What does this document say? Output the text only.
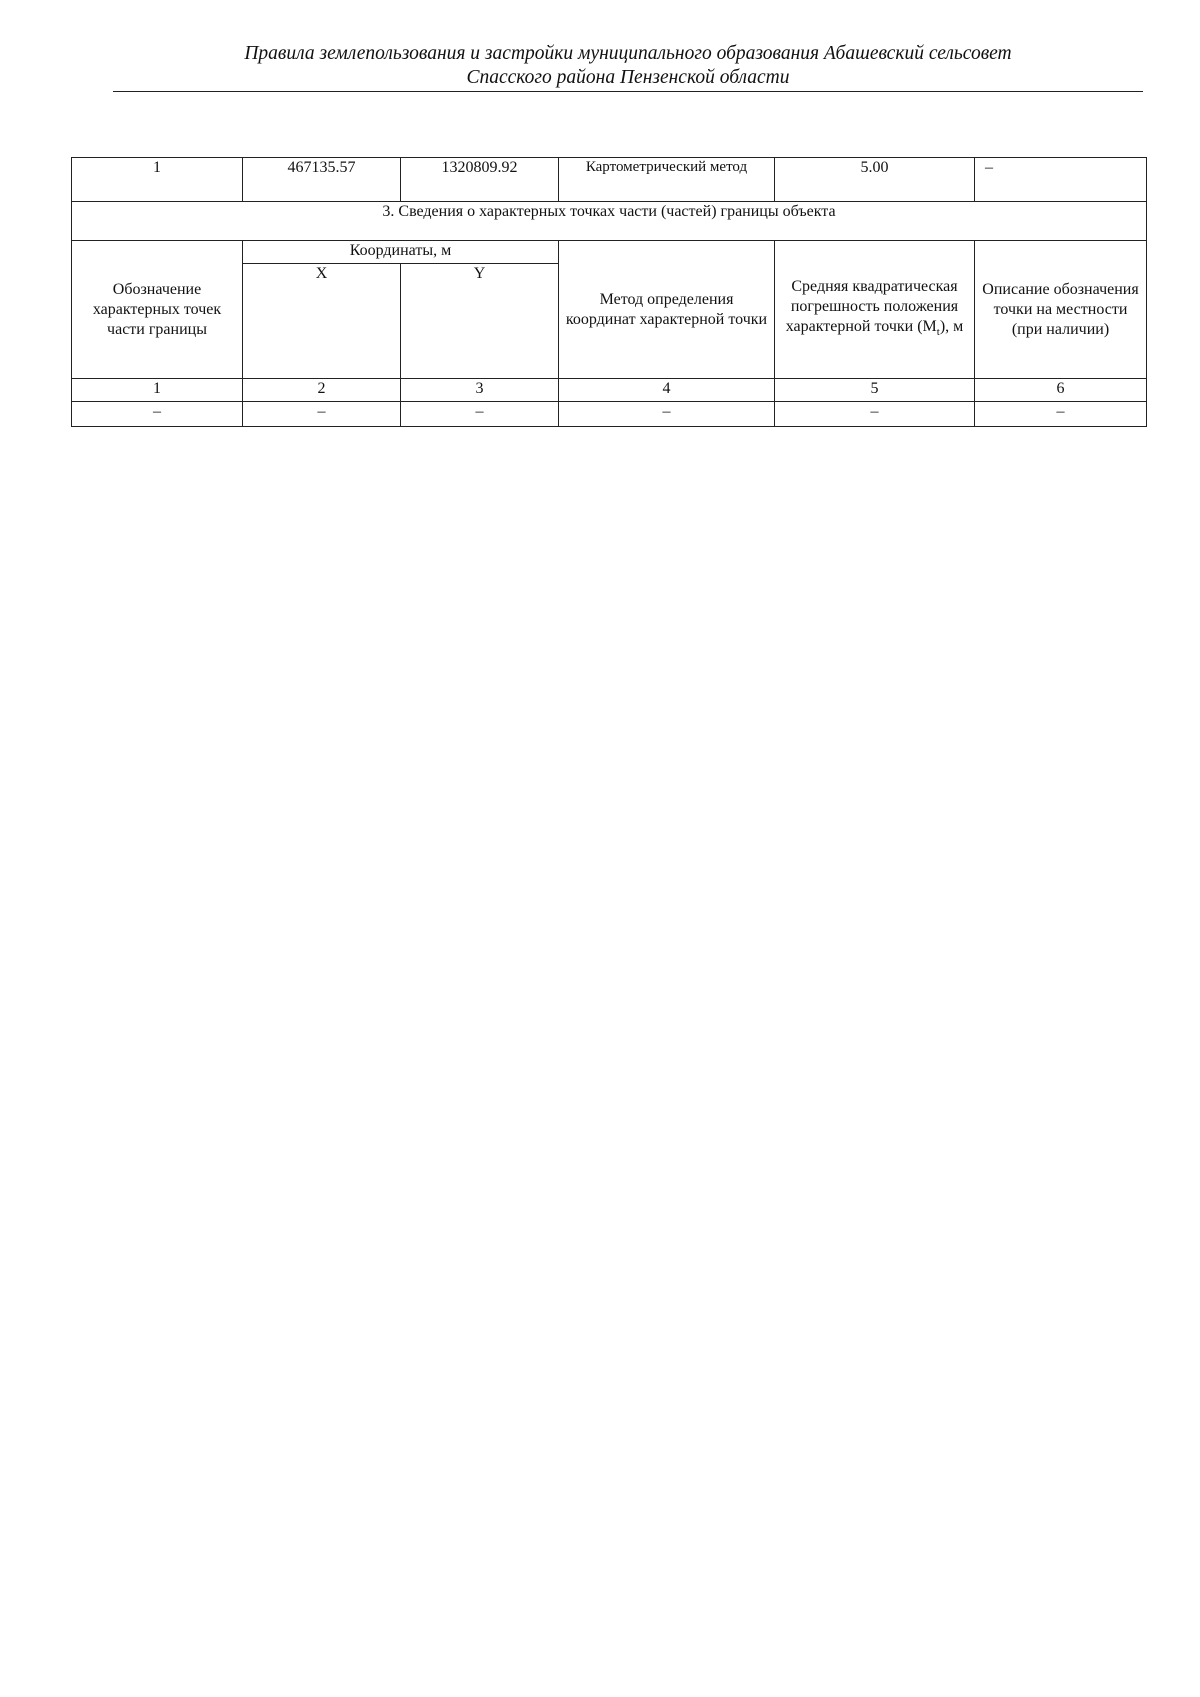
Правила землепользования и застройки муниципального образования Абашевский сельсовет
Спасского района Пензенской области
1	467135.57	1320809.92	Картометрический метод	5.00	–
3. Сведения о характерных точках части (частей) границы объекта					
Обозначение характерных точек части границы	Координаты, м		Метод определения координат характерной точки	Средняя квадратическая погрешность положения характерной точки $(M_t)$, м	Описание обозначения точки на местности (при наличии)
	X	Y			
1	2	3	4	5	6
–	–	–	–	–	–
